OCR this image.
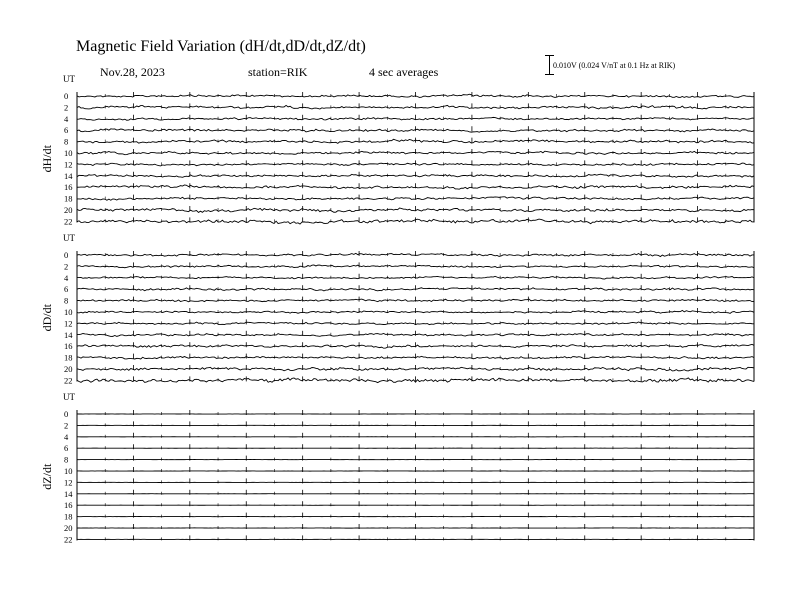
Magnetic Field Variation (dH/dt,dD/dt,dZ/dt)
Nov.28, 2023	station=RIK	4 sec averages	0.010V (0.024 V/nT at 0.1 Hz at RIK)
UT
dH/dt
0
2
4
6
8
10
12
14
16
18
20
22
UT
dD/dt
0
2
4
6
8
10
12
14
16
18
20
22
UT
dZ/dt
0
2
4
6
8
10
12
14
16
18
20
22
